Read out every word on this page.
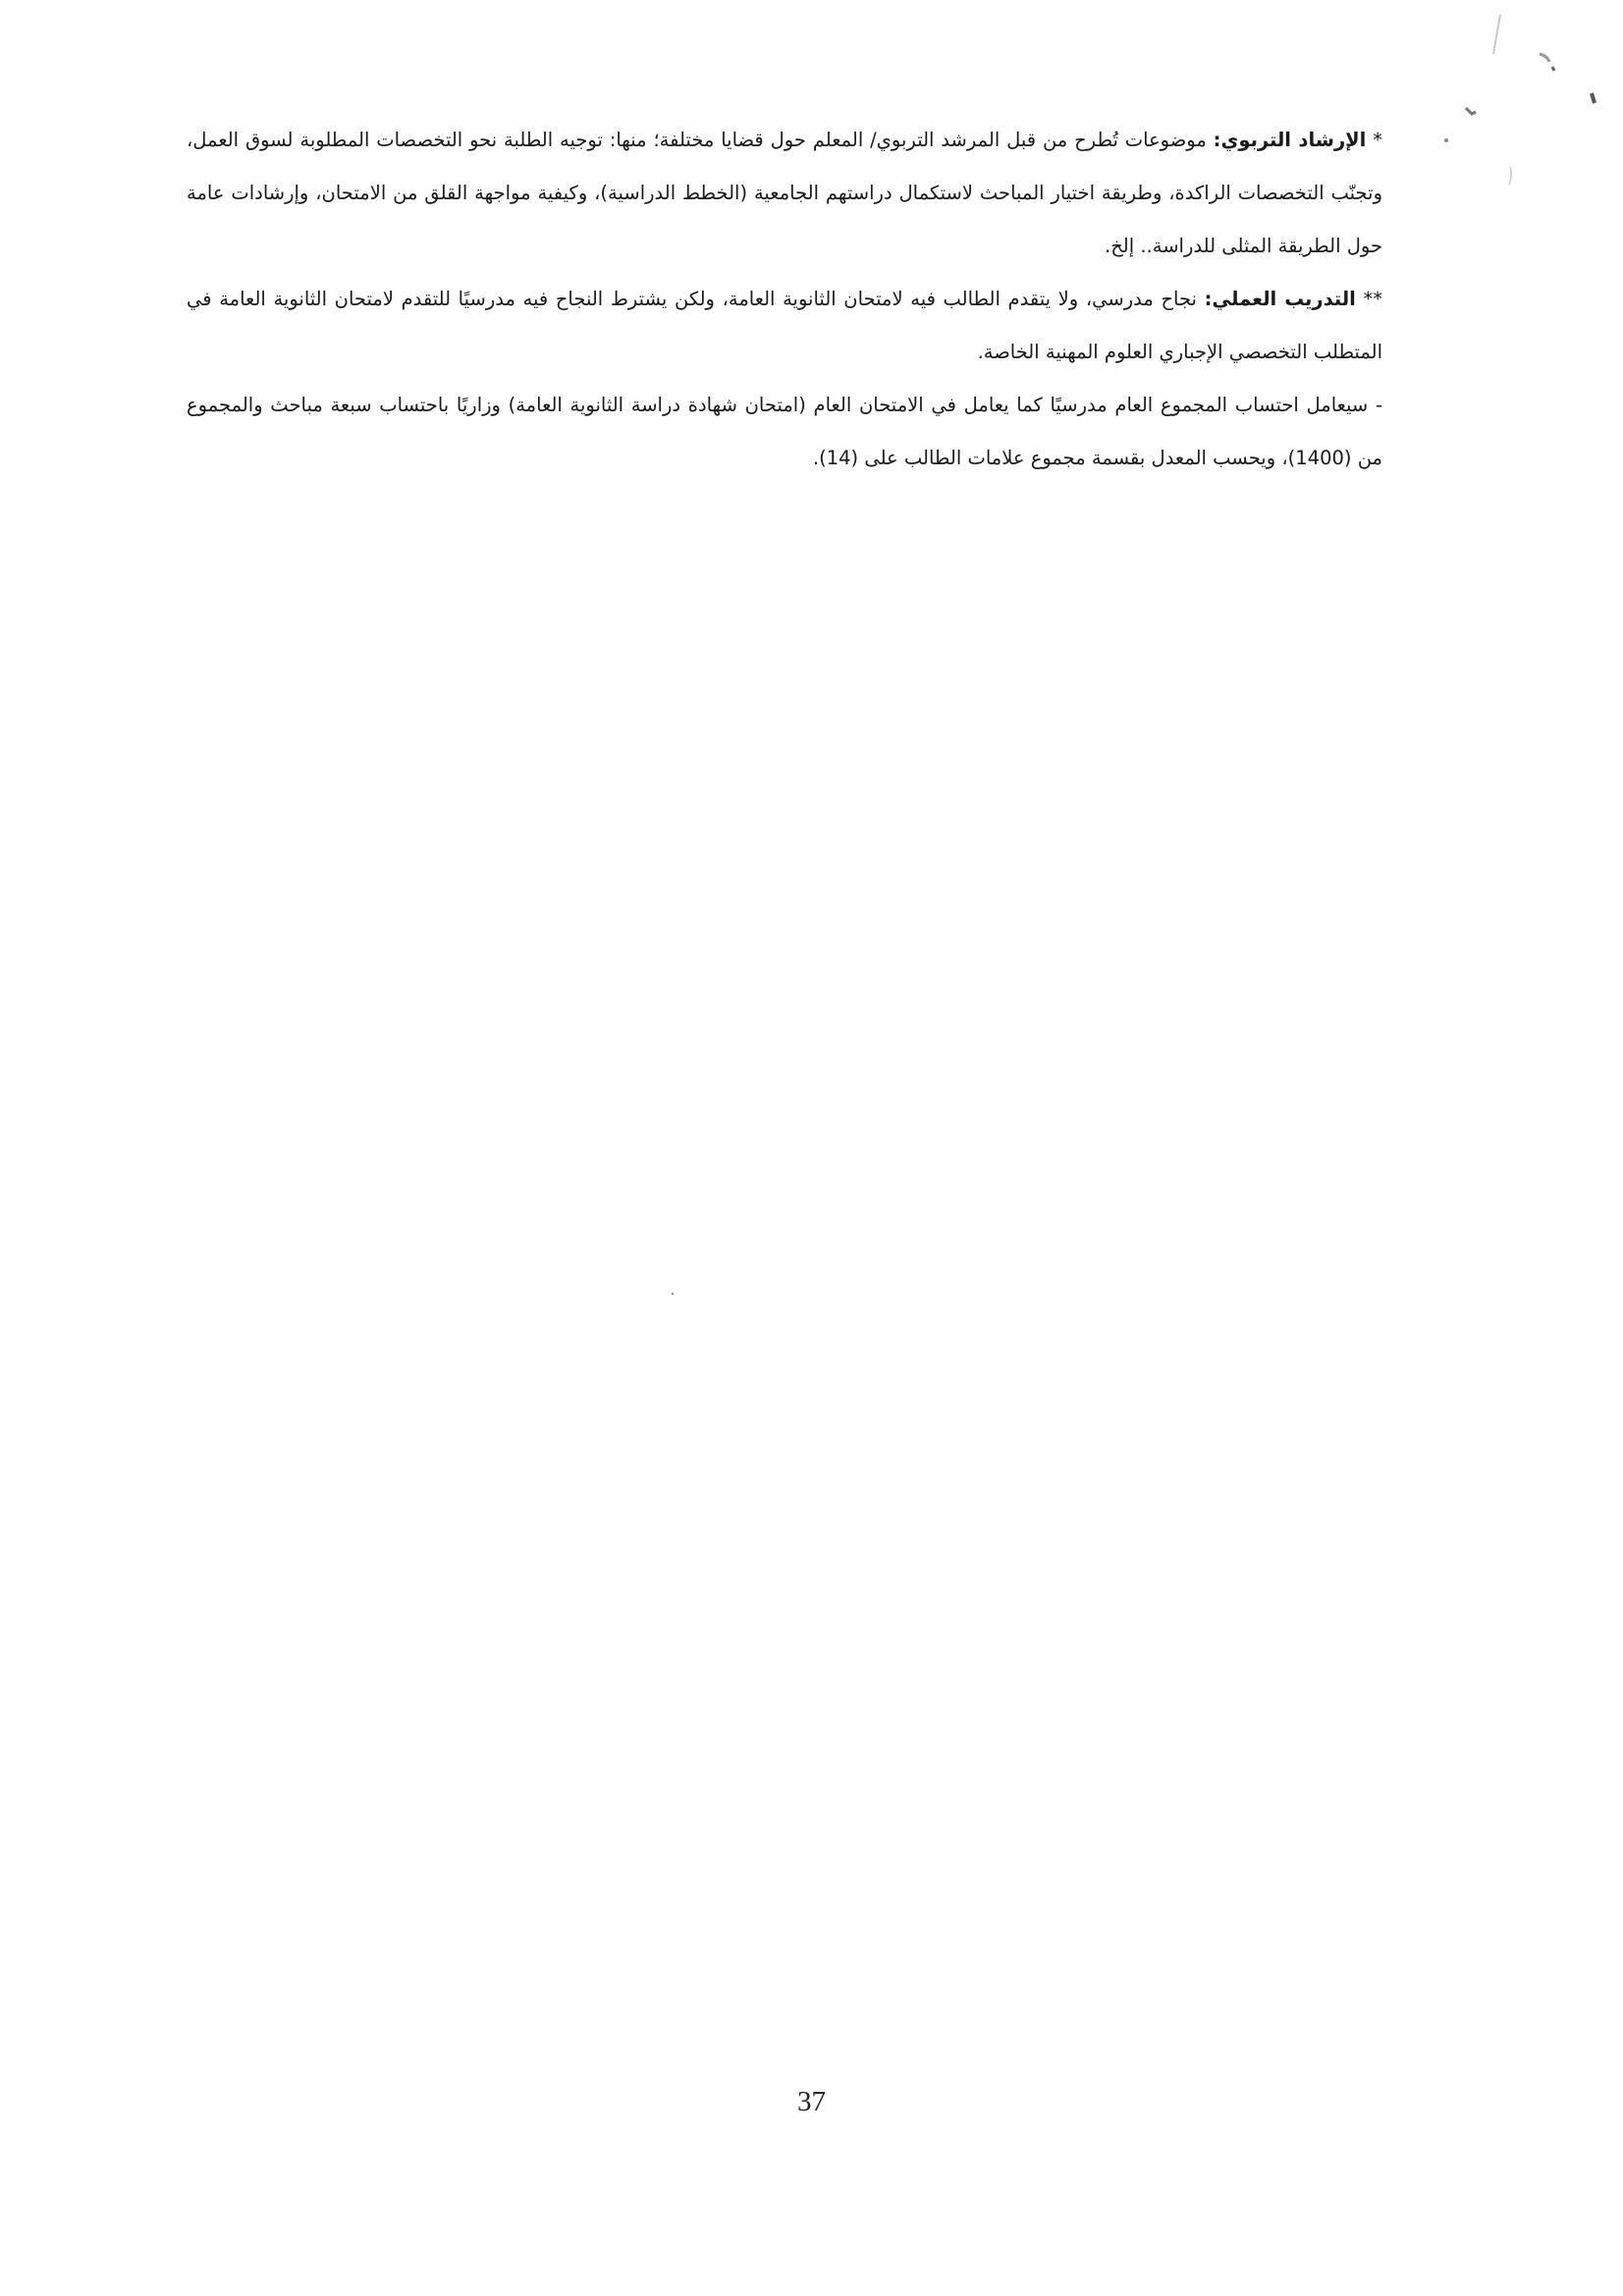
* الإرشاد التربوي: موضوعات تُطرح من قبل المرشد التربوي/ المعلم حول قضايا مختلفة؛ منها: توجيه الطلبة نحو التخصصات المطلوبة لسوق العمل، وتجنّب التخصصات الراكدة، وطريقة اختيار المباحث لاستكمال دراستهم الجامعية (الخطط الدراسية)، وكيفية مواجهة القلق من الامتحان، وإرشادات عامة حول الطريقة المثلى للدراسة.. إلخ.

** التدريب العملي: نجاح مدرسي، ولا يتقدم الطالب فيه لامتحان الثانوية العامة، ولكن يشترط النجاح فيه مدرسيًا للتقدم لامتحان الثانوية العامة في المتطلب التخصصي الإجباري العلوم المهنية الخاصة.

- سيعامل احتساب المجموع العام مدرسيًا كما يعامل في الامتحان العام (امتحان شهادة دراسة الثانوية العامة) وزاريًا باحتساب سبعة مباحث والمجموع من (1400)، ويحسب المعدل بقسمة مجموع علامات الطالب على (14).

37
